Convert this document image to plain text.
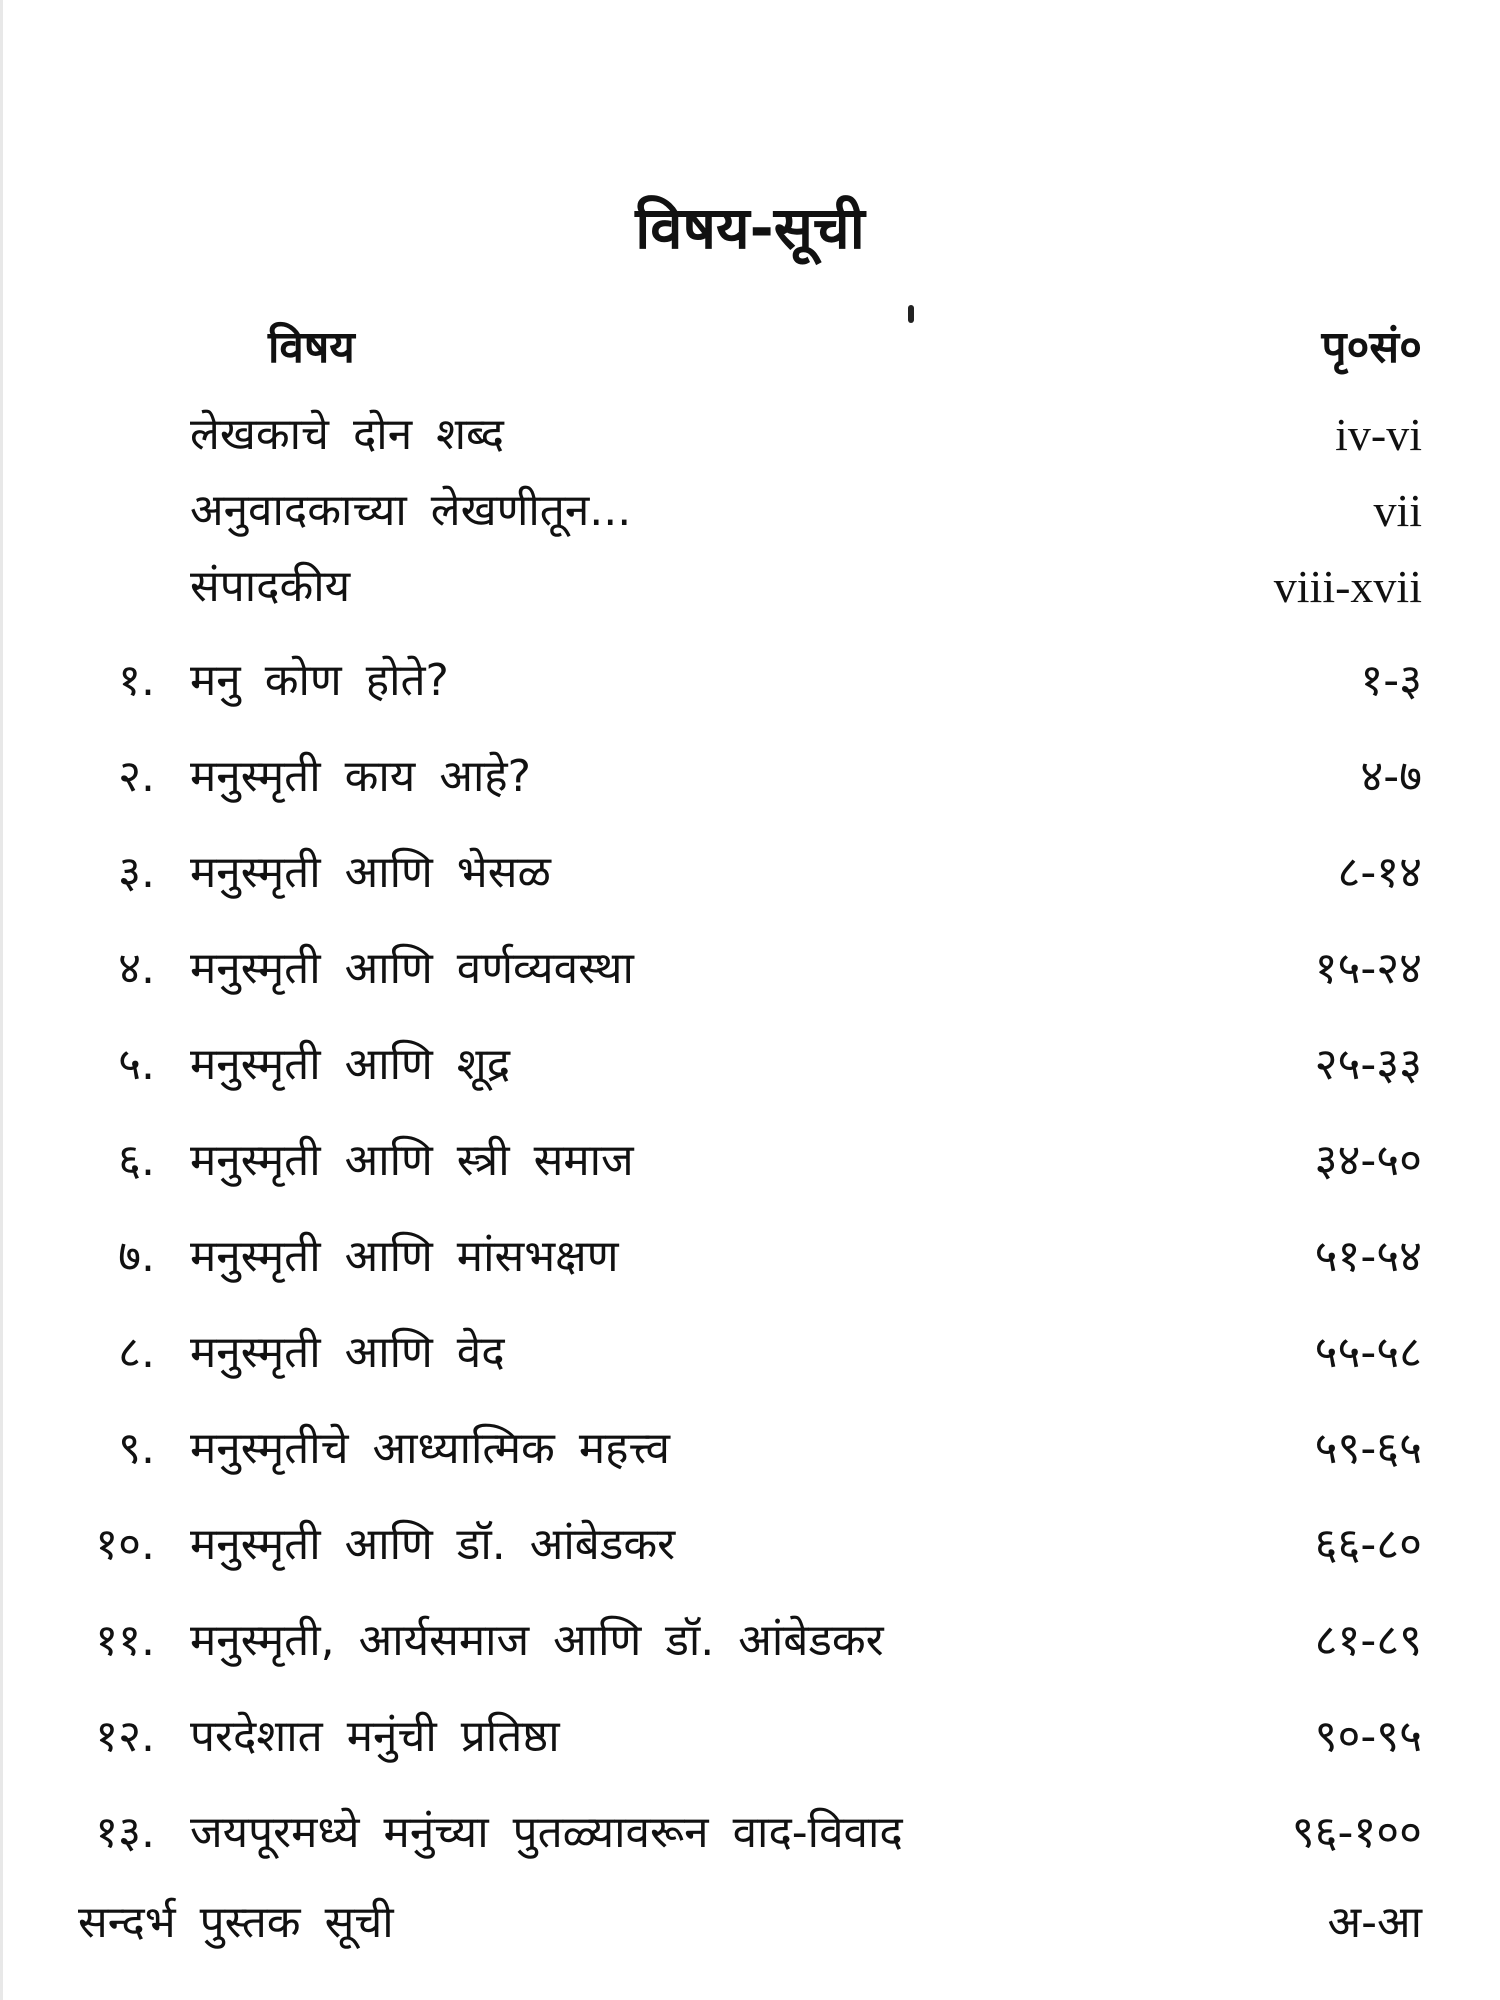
विषय-सूची
विषय	पृ०सं०
लेखकाचे दोन शब्द	iv-vi
अनुवादकाच्या लेखणीतून...	vii
संपादकीय	viii-xvii
१. मनु कोण होते?	१-३
२. मनुस्मृती काय आहे?	४-७
३. मनुस्मृती आणि भेसळ	८-१४
४. मनुस्मृती आणि वर्णव्यवस्था	१५-२४
५. मनुस्मृती आणि शूद्र	२५-३३
६. मनुस्मृती आणि स्त्री समाज	३४-५०
७. मनुस्मृती आणि मांसभक्षण	५१-५४
८. मनुस्मृती आणि वेद	५५-५८
९. मनुस्मृतीचे आध्यात्मिक महत्त्व	५९-६५
१०. मनुस्मृती आणि डॉ. आंबेडकर	६६-८०
११. मनुस्मृती, आर्यसमाज आणि डॉ. आंबेडकर	८१-८९
१२. परदेशात मनुंची प्रतिष्ठा	९०-९५
१३. जयपूरमध्ये मनुंच्या पुतळ्यावरून वाद-विवाद	९६-१००
सन्दर्भ पुस्तक सूची	अ-आ
